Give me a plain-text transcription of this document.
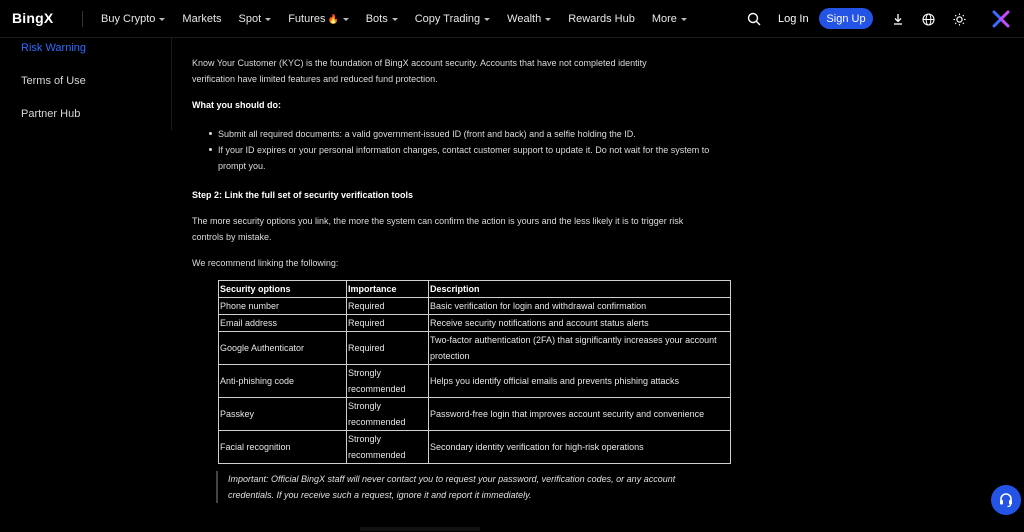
BingX	Buy Crypto Markets Spot Futures 🔥 Bots Copy Trading Wealth Rewards Hub More	Log In	Sign Up
Risk Warning
Terms of Use
Partner Hub
Know Your Customer (KYC) is the foundation of BingX account security. Accounts that have not completed identity verification have limited features and reduced fund protection.
What you should do:
Submit all required documents: a valid government-issued ID (front and back) and a selfie holding the ID.
If your ID expires or your personal information changes, contact customer support to update it. Do not wait for the system to prompt you.
Step 2: Link the full set of security verification tools
The more security options you link, the more the system can confirm the action is yours and the less likely it is to trigger risk controls by mistake.
We recommend linking the following:
Security options	Importance	Description
Phone number	Required	Basic verification for login and withdrawal confirmation
Email address	Required	Receive security notifications and account status alerts
Google Authenticator	Required	Two-factor authentication (2FA) that significantly increases your account protection
Anti-phishing code	Strongly recommended	Helps you identify official emails and prevents phishing attacks
Passkey	Strongly recommended	Password-free login that improves account security and convenience
Facial recognition	Strongly recommended	Secondary identity verification for high-risk operations
Important: Official BingX staff will never contact you to request your password, verification codes, or any account credentials. If you receive such a request, ignore it and report it immediately.
